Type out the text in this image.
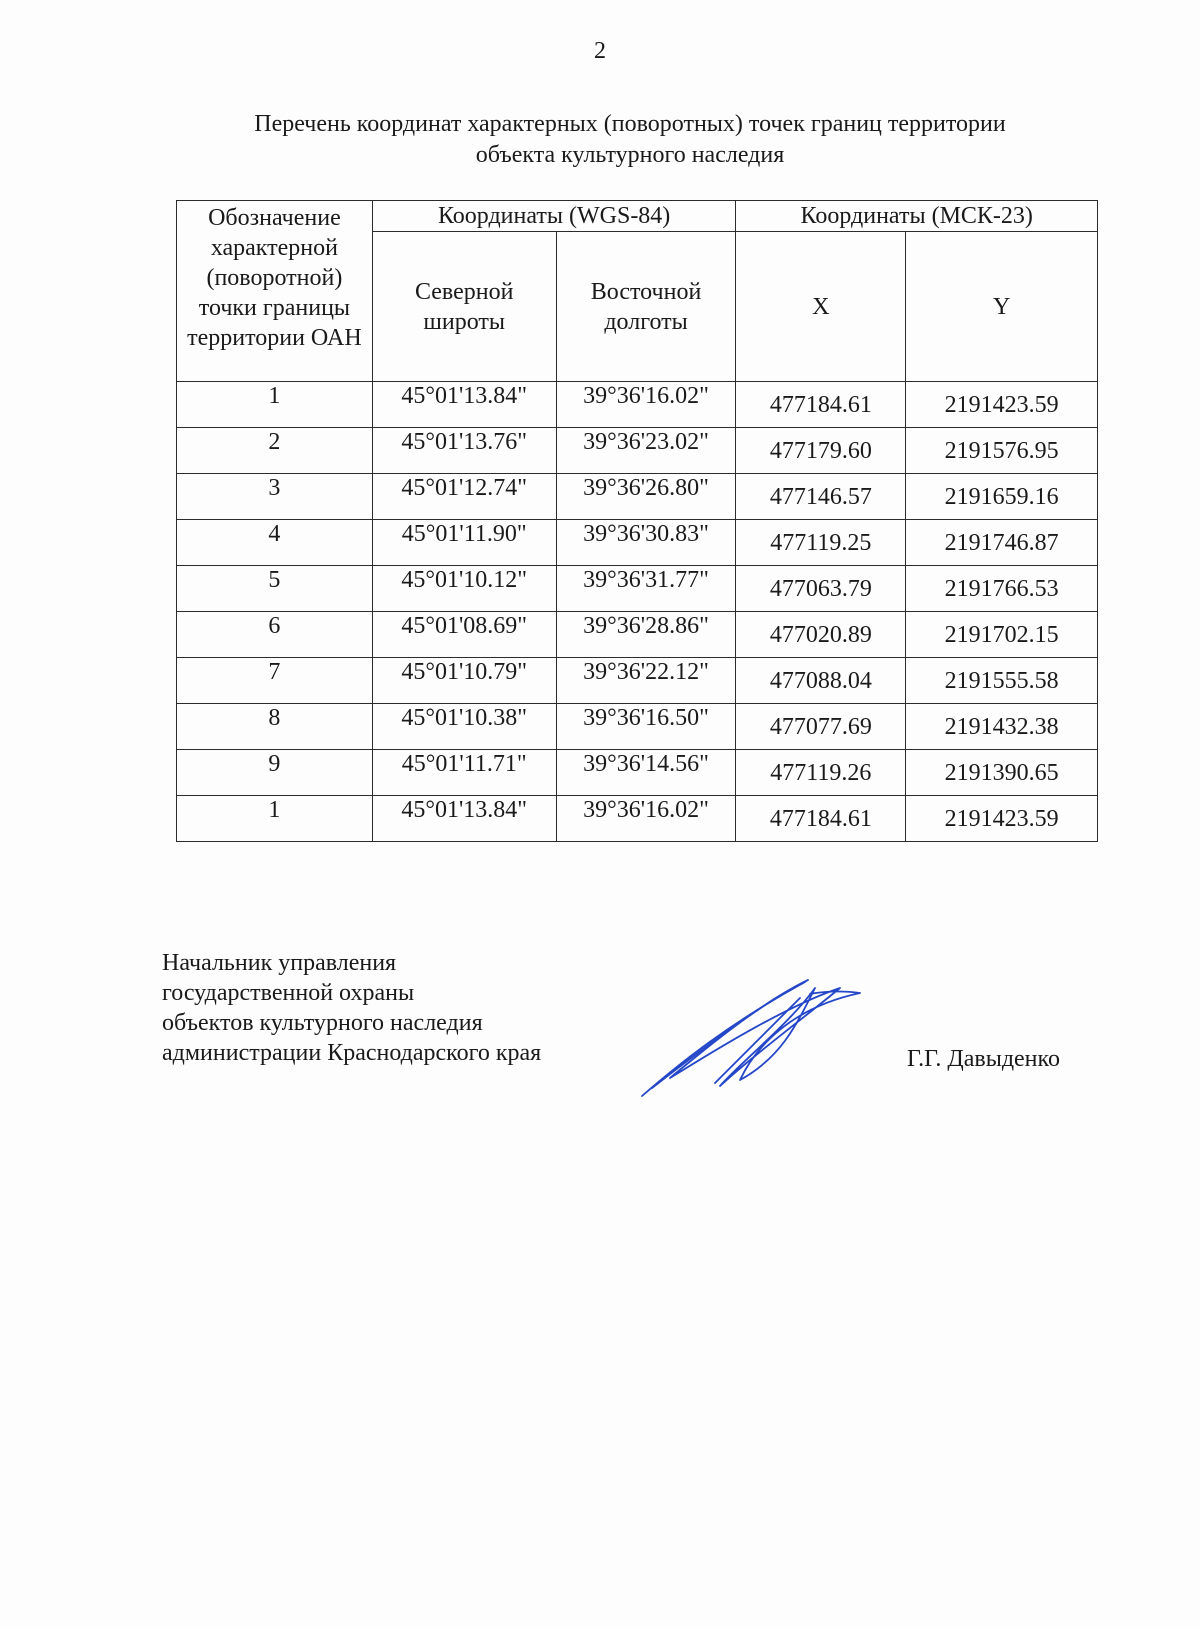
2
Перечень координат характерных (поворотных) точек границ территории
объекта культурного наследия
Обозначение характерной (поворотной) точки границы территории ОАН	Координаты (WGS-84)		Координаты (МСК-23)	
	Северной широты	Восточной долготы	X	Y
1	45°01'13.84"	39°36'16.02"	477184.61	2191423.59
2	45°01'13.76"	39°36'23.02"	477179.60	2191576.95
3	45°01'12.74"	39°36'26.80"	477146.57	2191659.16
4	45°01'11.90"	39°36'30.83"	477119.25	2191746.87
5	45°01'10.12"	39°36'31.77"	477063.79	2191766.53
6	45°01'08.69"	39°36'28.86"	477020.89	2191702.15
7	45°01'10.79"	39°36'22.12"	477088.04	2191555.58
8	45°01'10.38"	39°36'16.50"	477077.69	2191432.38
9	45°01'11.71"	39°36'14.56"	477119.26	2191390.65
1	45°01'13.84"	39°36'16.02"	477184.61	2191423.59
Начальник управления
государственной охраны
объектов культурного наследия
администрации Краснодарского края	Г.Г. Давыденко
